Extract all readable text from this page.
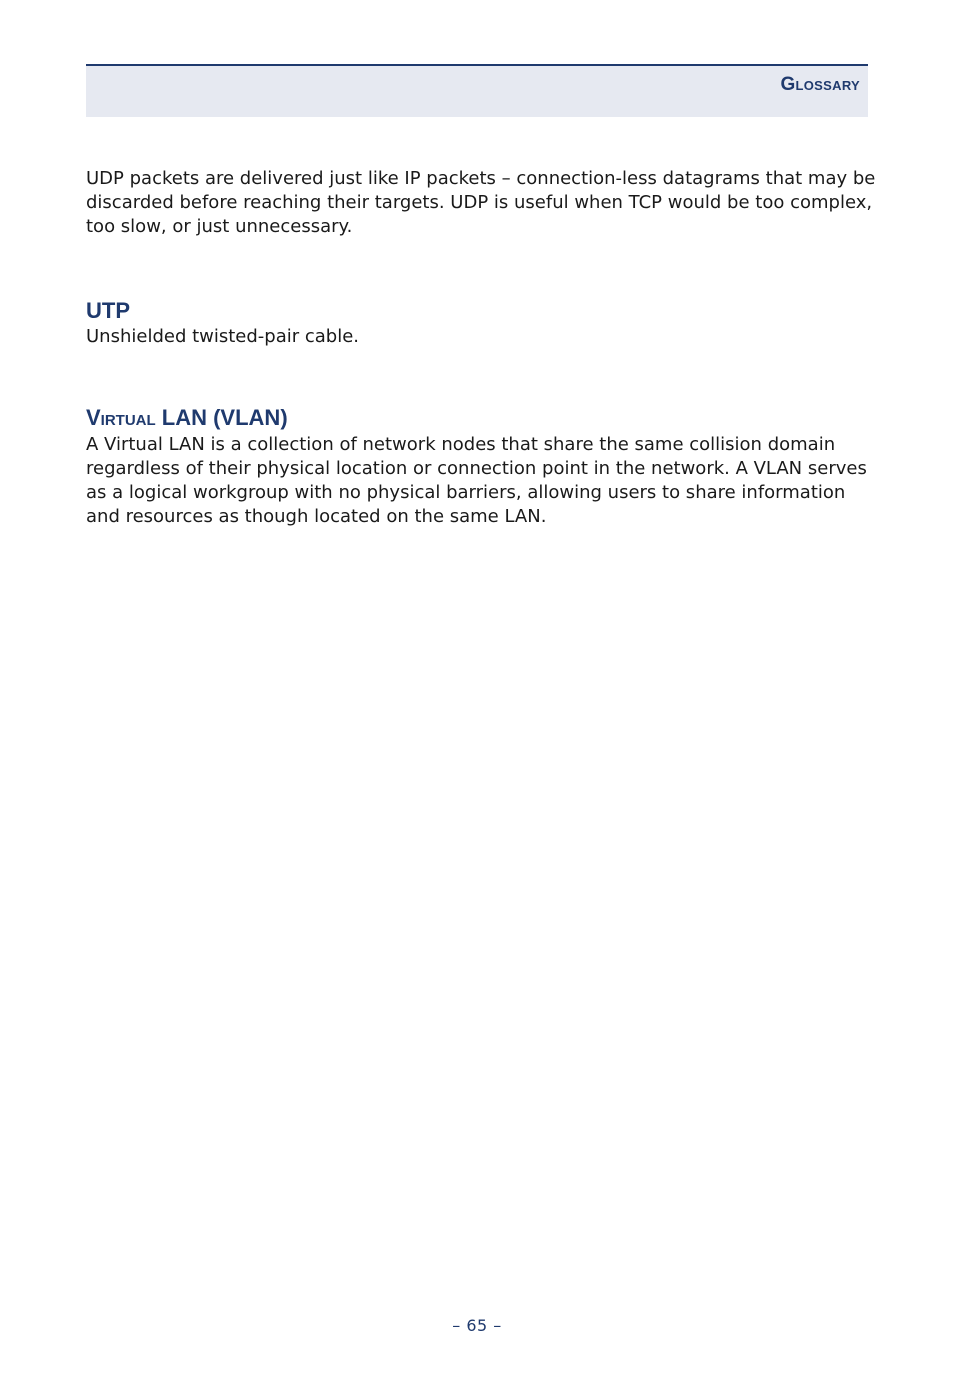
Glossary

UDP packets are delivered just like IP packets – connection-less datagrams that may be discarded before reaching their targets. UDP is useful when TCP would be too complex, too slow, or just unnecessary.

UTP

Unshielded twisted-pair cable.

Virtual LAN (VLAN)

A Virtual LAN is a collection of network nodes that share the same collision domain regardless of their physical location or connection point in the network. A VLAN serves as a logical workgroup with no physical barriers, allowing users to share information and resources as though located on the same LAN.

– 65 –
